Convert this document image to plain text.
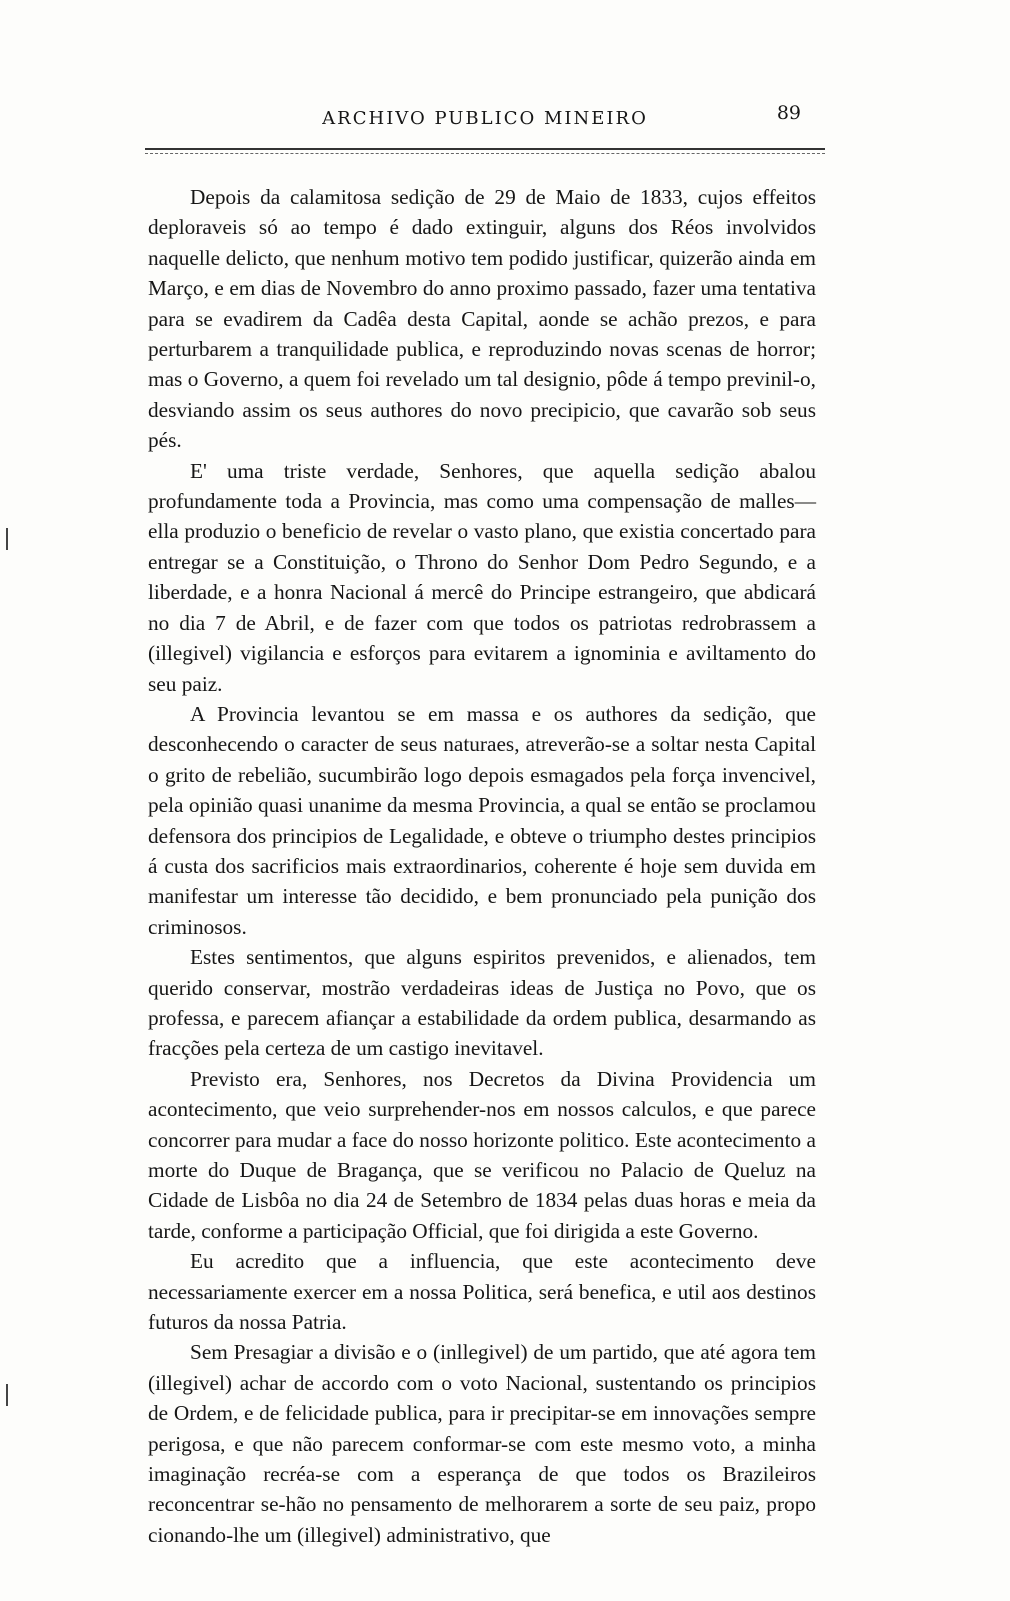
ARCHIVO PUBLICO MINEIRO	89

Depois da calamitosa sedição de 29 de Maio de 1833, cujos effeitos deploraveis só ao tempo é dado extinguir, alguns dos Réos involvidos naquelle delicto, que nenhum motivo tem podido justificar, quizerão ainda em Março, e em dias de Novembro do anno proximo passado, fazer uma tentativa para se evadirem da Cadêa desta Capital, aonde se achão prezos, e para perturbarem a tranquilidade publica, e reproduzindo novas scenas de horror; mas o Governo, a quem foi revelado um tal designio, pôde á tempo previnil-o, desviando assim os seus authores do novo precipicio, que cavarão sob seus pés.

E' uma triste verdade, Senhores, que aquella sedição abalou profundamente toda a Provincia, mas como uma compensação de malles—ella produzio o beneficio de revelar o vasto plano, que existia concertado para entregar se a Constituição, o Throno do Senhor Dom Pedro Segundo, e a liberdade, e a honra Nacional á mercê do Principe estrangeiro, que abdicará no dia 7 de Abril, e de fazer com que todos os patriotas redrobrassem a (illegivel) vigilancia e esforços para evitarem a ignominia e aviltamento do seu paiz.

A Provincia levantou se em massa e os authores da sedição, que desconhecendo o caracter de seus naturaes, atreverão-se a soltar nesta Capital o grito de rebelião, sucumbirão logo depois esmagados pela força invencivel, pela opinião quasi unanime da mesma Provincia, a qual se então se proclamou defensora dos principios de Legalidade, e obteve o triumpho destes principios á custa dos sacrificios mais extraordinarios, coherente é hoje sem duvida em manifestar um interesse tão decidido, e bem pronunciado pela punição dos criminosos.

Estes sentimentos, que alguns espiritos prevenidos, e alienados, tem querido conservar, mostrão verdadeiras ideas de Justiça no Povo, que os professa, e parecem afiançar a estabilidade da ordem publica, desarmando as fracções pela certeza de um castigo inevitavel.

Previsto era, Senhores, nos Decretos da Divina Providencia um acontecimento, que veio surprehender-nos em nossos calculos, e que parece concorrer para mudar a face do nosso horizonte politico. Este acontecimento a morte do Duque de Bragança, que se verificou no Palacio de Queluz na Cidade de Lisbôa no dia 24 de Setembro de 1834 pelas duas horas e meia da tarde, conforme a participação Official, que foi dirigida a este Governo.

Eu acredito que a influencia, que este acontecimento deve necessariamente exercer em a nossa Politica, será benefica, e util aos destinos futuros da nossa Patria.

Sem Presagiar a divisão e o (inllegivel) de um partido, que até agora tem (illegivel) achar de accordo com o voto Nacional, sustentando os principios de Ordem, e de felicidade publica, para ir precipitar-se em innovações sempre perigosa, e que não parecem conformar-se com este mesmo voto, a minha imaginação recréa-se com a esperança de que todos os Brazileiros reconcentrar se-hão no pensamento de melhorarem a sorte de seu paiz, propo cionando-lhe um (illegivel) administrativo, que
